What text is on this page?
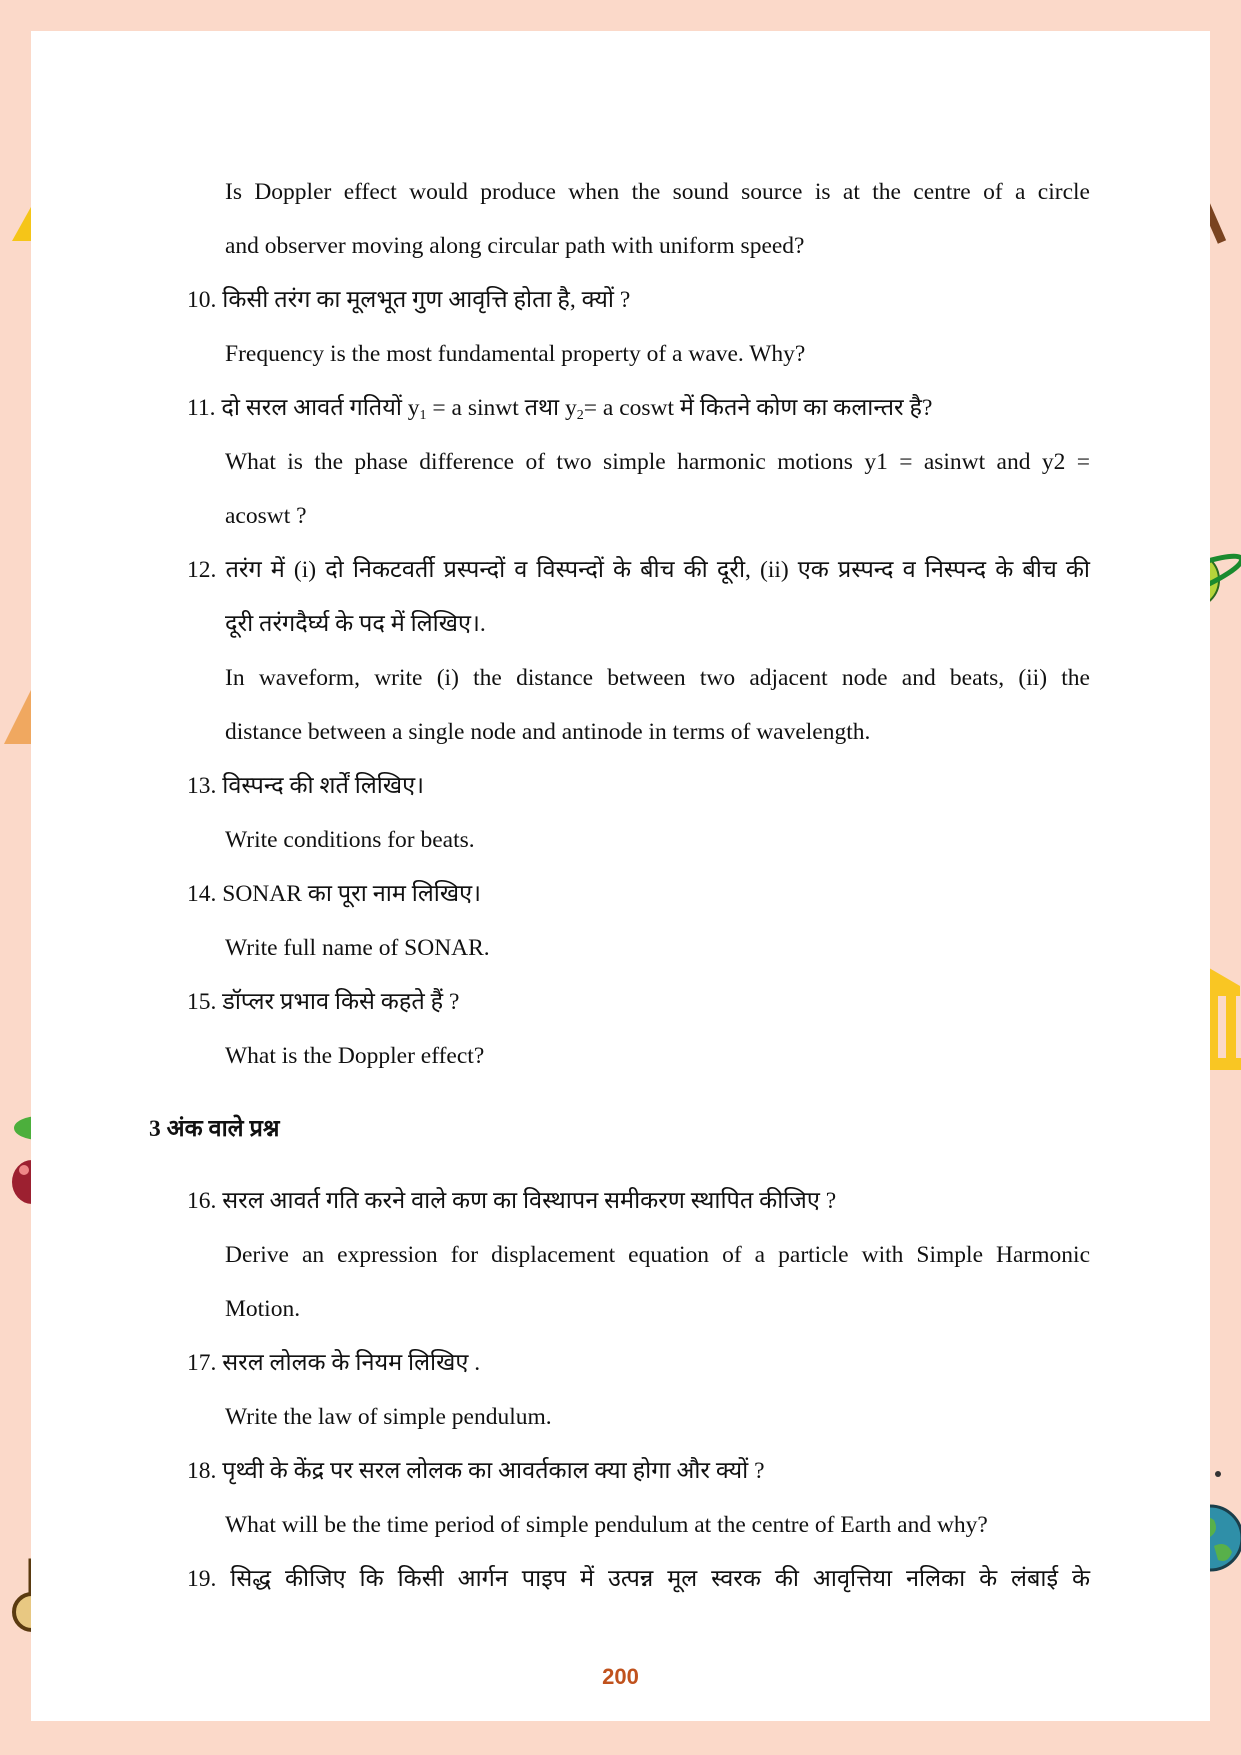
Is Doppler effect would produce when the sound source is at the centre of a circle
and observer moving along circular path with uniform speed?
10. किसी तरंग का मूलभूत गुण आवृत्ति होता है, क्यों ?
Frequency is the most fundamental property of a wave. Why?
11. दो सरल आवर्त गतियों $y_1 = a$ sinwt तथा $y_2= a$ coswt में कितने कोण का कलान्तर है?
What is the phase difference of two simple harmonic motions y1 = asinwt and y2 =
acoswt ?
12. तरंग में (i) दो निकटवर्ती प्रस्पन्दों व विस्पन्दों के बीच की दूरी, (ii) एक प्रस्पन्द व निस्पन्द के बीच की
दूरी तरंगदैर्घ्य के पद में लिखिए।.
In waveform, write (i) the distance between two adjacent node and beats, (ii) the
distance between a single node and antinode in terms of wavelength.
13. विस्पन्द की शर्तें लिखिए।
Write conditions for beats.
14. SONAR का पूरा नाम लिखिए।
Write full name of SONAR.
15. डॉप्लर प्रभाव किसे कहते हैं ?
What is the Doppler effect?
3 अंक वाले प्रश्न
16. सरल आवर्त गति करने वाले कण का विस्थापन समीकरण स्थापित कीजिए ?
Derive an expression for displacement equation of a particle with Simple Harmonic
Motion.
17. सरल लोलक के नियम लिखिए .
Write the law of simple pendulum.
18. पृथ्वी के केंद्र पर सरल लोलक का आवर्तकाल क्या होगा और क्यों ?
What will be the time period of simple pendulum at the centre of Earth and why?
19. सिद्ध कीजिए कि किसी आर्गन पाइप में उत्पन्न मूल स्वरक की आवृत्तिया नलिका के लंबाई के
200
